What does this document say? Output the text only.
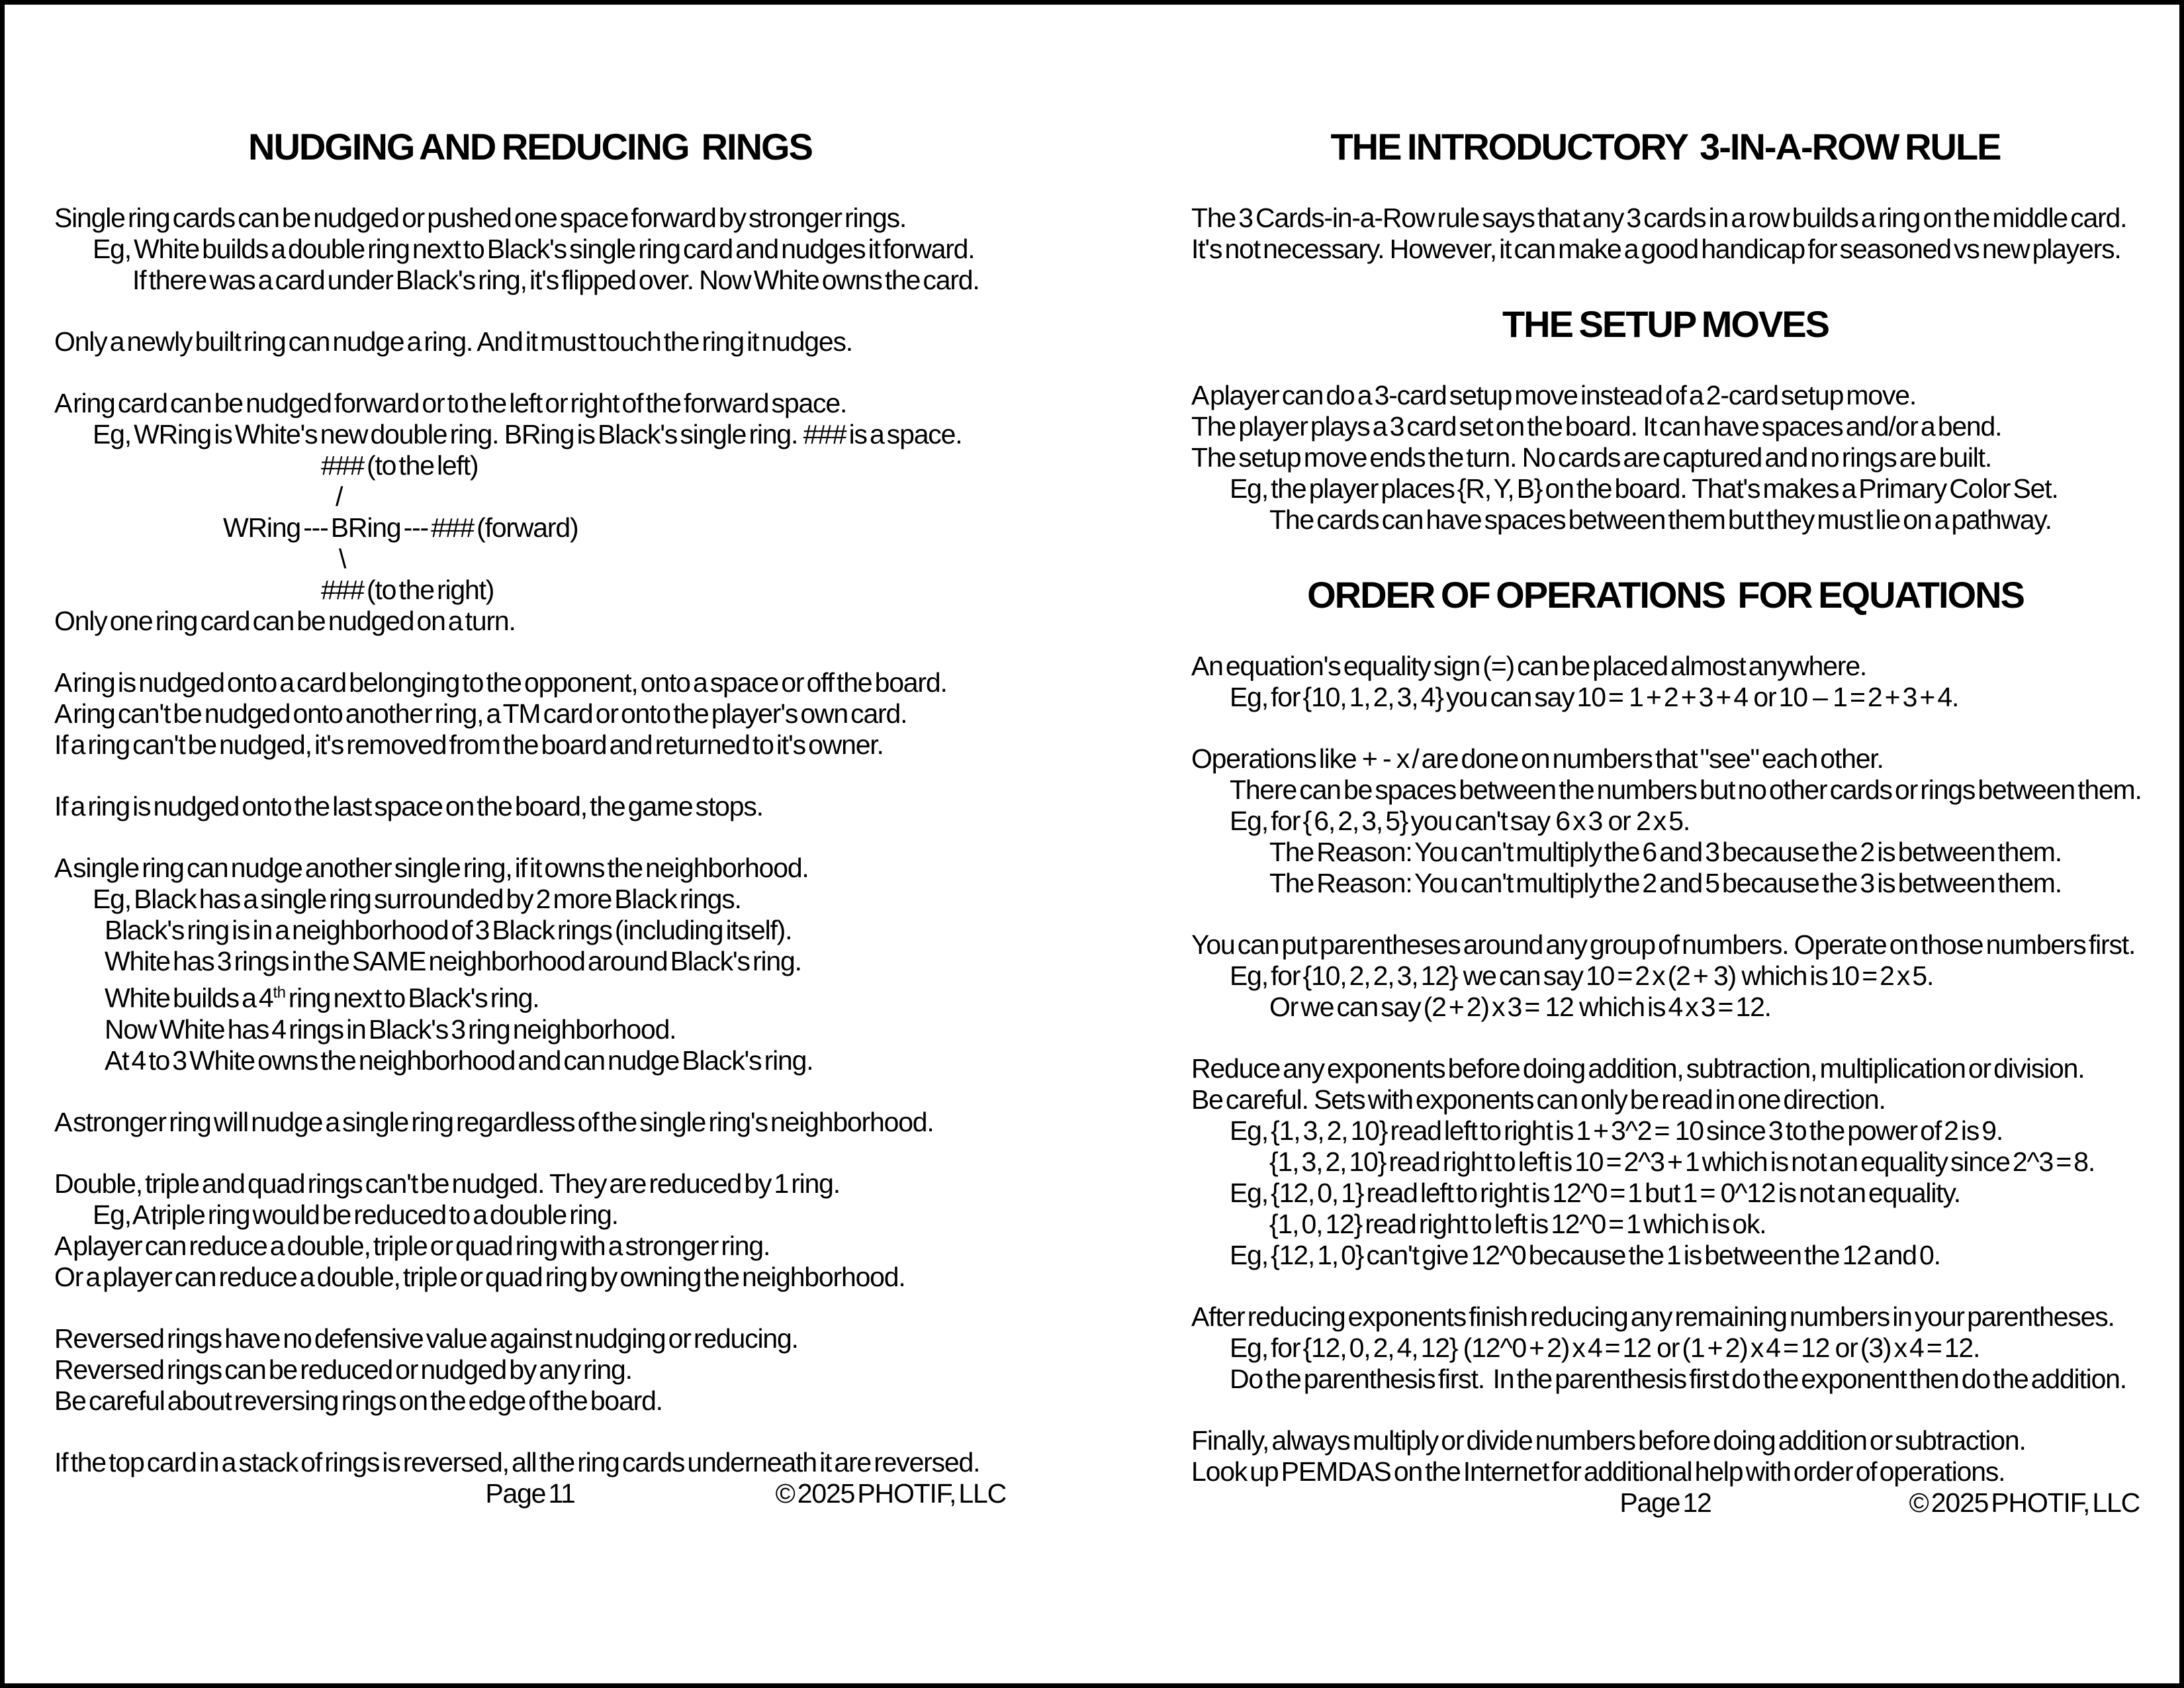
NUDGING AND REDUCING  RINGS
Single ring cards can be nudged or pushed one space forward by stronger rings.
Eg, White builds a double ring next to Black's single ring card and nudges it forward.
If there was a card under Black's ring, it's flipped over.  Now White owns the card.
Only a newly built ring can nudge a ring.  And it must touch the ring it nudges.
A ring card can be nudged forward or to the left or right of the forward space.
Eg, WRing is White's new double ring.  BRing is Black's single ring.  ### is a space.
### (to the left)
/
WRing --- BRing --- ### (forward)
\
### (to the right)
Only one ring card can be nudged on a turn.
A ring is nudged onto a card belonging to the opponent, onto a space or off the board.
A ring can't be nudged onto another ring, a TM card or onto the player's own card.
If a ring can't be nudged, it's removed from the board and returned to it's owner.
If a ring is nudged onto the last space on the board, the game stops.
A single ring can nudge another single ring, if it owns the neighborhood.
Eg, Black has a single ring surrounded by 2 more Black rings.
Black's ring is in a neighborhood of 3 Black rings (including itself).
White has 3 rings in the SAME neighborhood around Black's ring.
White builds a 4th ring next to Black's ring.
Now White has 4 rings in Black's 3 ring neighborhood.
At 4 to 3 White owns the neighborhood and can nudge Black's ring.
A stronger ring will nudge a single ring regardless of the single ring's neighborhood.
Double, triple and quad rings can't be nudged.  They are reduced by 1 ring.
Eg, A triple ring would be reduced to a double ring.
A player can reduce a double, triple or quad ring with a stronger ring.
Or a player can reduce a double, triple or quad ring by owning the neighborhood.
Reversed rings have no defensive value against nudging or reducing.
Reversed rings can be reduced or nudged by any ring.
Be careful about reversing rings on the edge of the board.
If the top card in a stack of rings is reversed, all the ring cards underneath it are reversed.
Page 11	© 2025 PHOTIF, LLC
THE INTRODUCTORY  3-IN-A-ROW RULE
The 3 Cards-in-a-Row rule says that any 3 cards in a row builds a ring on the middle card.
It's not necessary.  However, it can make a good handicap for seasoned vs new players.
THE SETUP MOVES
A player can do a 3-card setup move instead of a 2-card setup move.
The player plays a 3 card set on the board.  It can have spaces and/or a bend.
The setup move ends the turn.  No cards are captured and no rings are built.
Eg, the player places {R, Y, B} on the board.  That's makes a Primary Color Set.
The cards can have spaces between them but they must lie on a pathway.
ORDER OF OPERATIONS  FOR EQUATIONS
An equation's equality sign (=) can be placed almost anywhere.
Eg, for {10, 1, 2, 3, 4} you can say 10 =  1 + 2 + 3 + 4  or 10  –  1 = 2 + 3 + 4.
Operations like  +  -  x / are done on numbers that "see" each other.
There can be spaces between the numbers but no other cards or rings between them.
Eg, for { 6, 2, 3, 5} you can't say  6 x 3  or  2 x 5.
The Reason: You can't multiply the 6 and 3 because the 2 is between them.
The Reason: You can't multiply the 2 and 5 because the 3 is between them.
You can put parentheses around any group of numbers.  Operate on those numbers first.
Eg, for {10, 2, 2, 3, 12}  we can say 10 = 2 x (2 +  3)  which is 10 = 2 x 5.
Or we can say (2 + 2) x 3 =  12  which is 4 x 3 = 12.
Reduce any exponents before doing addition, subtraction, multiplication or division.
Be careful.  Sets with exponents can only be read in one direction.
Eg, {1, 3, 2, 10} read left to right is 1 + 3^2 =  10 since 3 to the power of 2 is 9.
{1, 3, 2, 10} read right to left is 10 = 2^3 + 1 which is not an equality since 2^3 = 8.
Eg, {12, 0, 1} read left to right is 12^0 = 1 but 1 =  0^12 is not an equality.
{1, 0, 12} read right to left is 12^0 = 1 which is ok.
Eg, {12, 1, 0} can't give 12^0 because the 1 is between the 12 and 0.
After reducing exponents finish reducing any remaining numbers in your parentheses.
Eg, for {12, 0, 2, 4, 12}  (12^0 + 2) x 4 = 12  or (1 + 2) x 4 = 12  or (3) x 4 = 12.
Do the parenthesis first.   In the parenthesis first do the exponent then do the addition.
Finally, always multiply or divide numbers before doing addition or subtraction.
Look up PEMDAS on the Internet for additional help with order of operations.
Page 12	© 2025 PHOTIF, LLC
